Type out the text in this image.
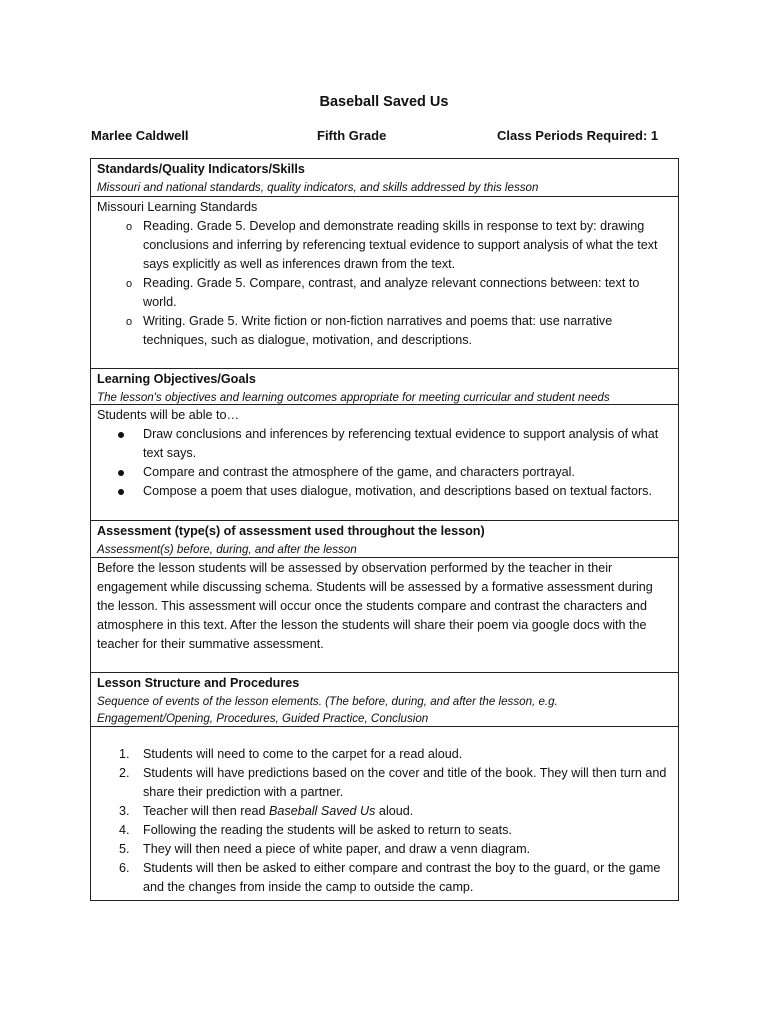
Baseball Saved Us
Marlee Caldwell	Fifth Grade	Class Periods Required: 1
Standards/Quality Indicators/Skills
Missouri and national standards, quality indicators, and skills addressed by this lesson
Missouri Learning Standards
o Reading. Grade 5. Develop and demonstrate reading skills in response to text by: drawing conclusions and inferring by referencing textual evidence to support analysis of what the text says explicitly as well as inferences drawn from the text.
o Reading. Grade 5. Compare, contrast, and analyze relevant connections between: text to world.
o Writing. Grade 5. Write fiction or non-fiction narratives and poems that: use narrative techniques, such as dialogue, motivation, and descriptions.
Learning Objectives/Goals
The lesson's objectives and learning outcomes appropriate for meeting curricular and student needs
Students will be able to…
Draw conclusions and inferences by referencing textual evidence to support analysis of what text says.
Compare and contrast the atmosphere of the game, and characters portrayal.
Compose a poem that uses dialogue, motivation, and descriptions based on textual factors.
Assessment (type(s) of assessment used throughout the lesson)
Assessment(s) before, during, and after the lesson
Before the lesson students will be assessed by observation performed by the teacher in their engagement while discussing schema. Students will be assessed by a formative assessment during the lesson. This assessment will occur once the students compare and contrast the characters and atmosphere in this text. After the lesson the students will share their poem via google docs with the teacher for their summative assessment.
Lesson Structure and Procedures
Sequence of events of the lesson elements. (The before, during, and after the lesson, e.g. Engagement/Opening, Procedures, Guided Practice, Conclusion
1.	Students will need to come to the carpet for a read aloud.
2.	Students will have predictions based on the cover and title of the book. They will then turn and share their prediction with a partner.
3.	Teacher will then read Baseball Saved Us aloud.
4.	Following the reading the students will be asked to return to seats.
5.	They will then need a piece of white paper, and draw a venn diagram.
6.	Students will then be asked to either compare and contrast the boy to the guard, or the game and the changes from inside the camp to outside the camp.
